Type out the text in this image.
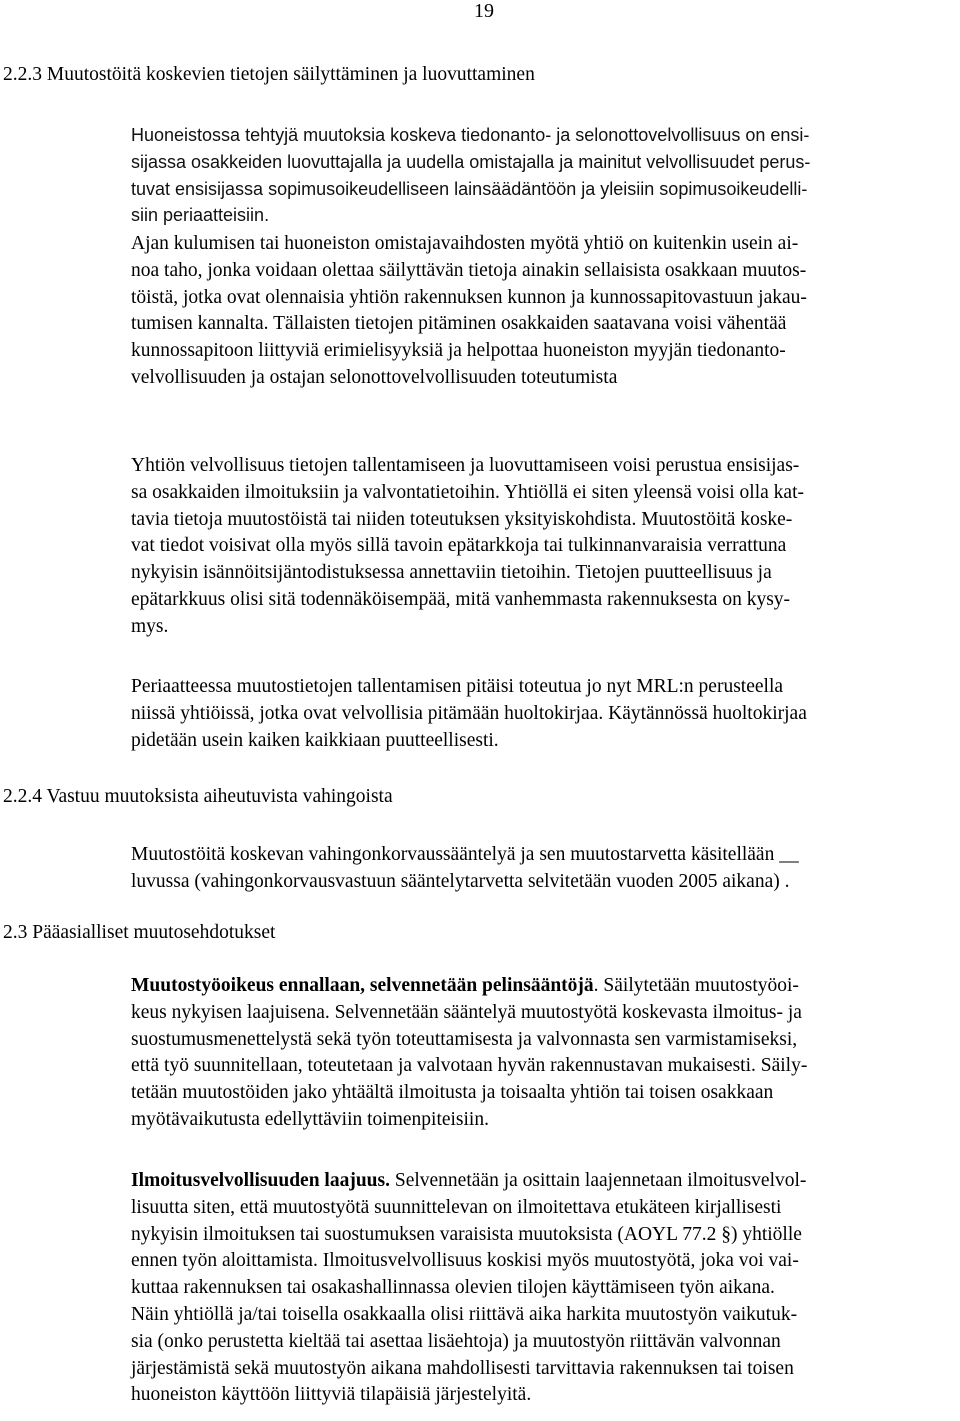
19
2.2.3 Muutostöitä koskevien tietojen säilyttäminen ja luovuttaminen
Huoneistossa tehtyjä muutoksia koskeva tiedonanto- ja selonottovelvollisuus on ensi-
sijassa osakkeiden luovuttajalla ja uudella omistajalla ja mainitut velvollisuudet perus-
tuvat ensisijassa sopimusoikeudelliseen lainsäädäntöön ja yleisiin sopimusoikeudelli-
siin periaatteisiin.
Ajan kulumisen tai huoneiston omistajavaihdosten myötä yhtiö on kuitenkin usein ai-
noa taho, jonka voidaan olettaa säilyttävän tietoja ainakin sellaisista osakkaan muutos-
töistä, jotka ovat olennaisia yhtiön rakennuksen kunnon ja kunnossapitovastuun jakau-
tumisen kannalta. Tällaisten tietojen pitäminen osakkaiden saatavana voisi vähentää
kunnossapitoon liittyviä erimielisyyksiä ja helpottaa huoneiston myyjän tiedonanto-
velvollisuuden ja ostajan selonottovelvollisuuden toteutumista
Yhtiön velvollisuus tietojen tallentamiseen ja luovuttamiseen voisi perustua ensisijas-
sa osakkaiden ilmoituksiin ja valvontatietoihin. Yhtiöllä ei siten yleensä voisi olla kat-
tavia tietoja muutostöistä tai niiden toteutuksen yksityiskohdista. Muutostöitä koske-
vat tiedot voisivat olla myös sillä tavoin epätarkkoja tai tulkinnanvaraisia verrattuna
nykyisin isännöitsijäntodistuksessa annettaviin tietoihin. Tietojen puutteellisuus ja
epätarkkuus olisi sitä todennäköisempää, mitä vanhemmasta rakennuksesta on kysy-
mys.
Periaatteessa muutostietojen tallentamisen pitäisi toteutua jo nyt MRL:n perusteella
niissä yhtiöissä, jotka ovat velvollisia pitämään huoltokirjaa. Käytännössä huoltokirjaa
pidetään usein kaiken kaikkiaan puutteellisesti.
2.2.4 Vastuu muutoksista aiheutuvista vahingoista
Muutostöitä koskevan vahingonkorvaussääntelyä ja sen muutostarvetta käsitellään __
luvussa (vahingonkorvausvastuun sääntelytarvetta selvitetään vuoden 2005 aikana) .
2.3 Pääasialliset muutosehdotukset
Muutostyöoikeus ennallaan, selvennetään pelinsääntöjä. Säilytetään muutostyöoi-
keus nykyisen laajuisena. Selvennetään sääntelyä muutostyötä koskevasta ilmoitus- ja
suostumusmenettelystä sekä työn toteuttamisesta ja valvonnasta sen varmistamiseksi,
että työ suunnitellaan, toteutetaan ja valvotaan hyvän rakennustavan mukaisesti. Säily-
tetään muutostöiden jako yhtäältä ilmoitusta ja toisaalta yhtiön tai toisen osakkaan
myötävaikutusta edellyttäviin toimenpiteisiin.
Ilmoitusvelvollisuuden laajuus. Selvennetään ja osittain laajennetaan ilmoitusvelvol-
lisuutta siten, että muutostyötä suunnittelevan on ilmoitettava etukäteen kirjallisesti
nykyisin ilmoituksen tai suostumuksen varaisista muutoksista (AOYL 77.2 §) yhtiölle
ennen työn aloittamista. Ilmoitusvelvollisuus koskisi myös muutostyötä, joka voi vai-
kuttaa rakennuksen tai osakashallinnassa olevien tilojen käyttämiseen työn aikana.
Näin yhtiöllä ja/tai toisella osakkaalla olisi riittävä aika harkita muutostyön vaikutuk-
sia (onko perustetta kieltää tai asettaa lisäehtoja) ja muutostyön riittävän valvonnan
järjestämistä sekä muutostyön aikana mahdollisesti tarvittavia rakennuksen tai toisen
huoneiston käyttöön liittyviä tilapäisiä järjestelyitä.
